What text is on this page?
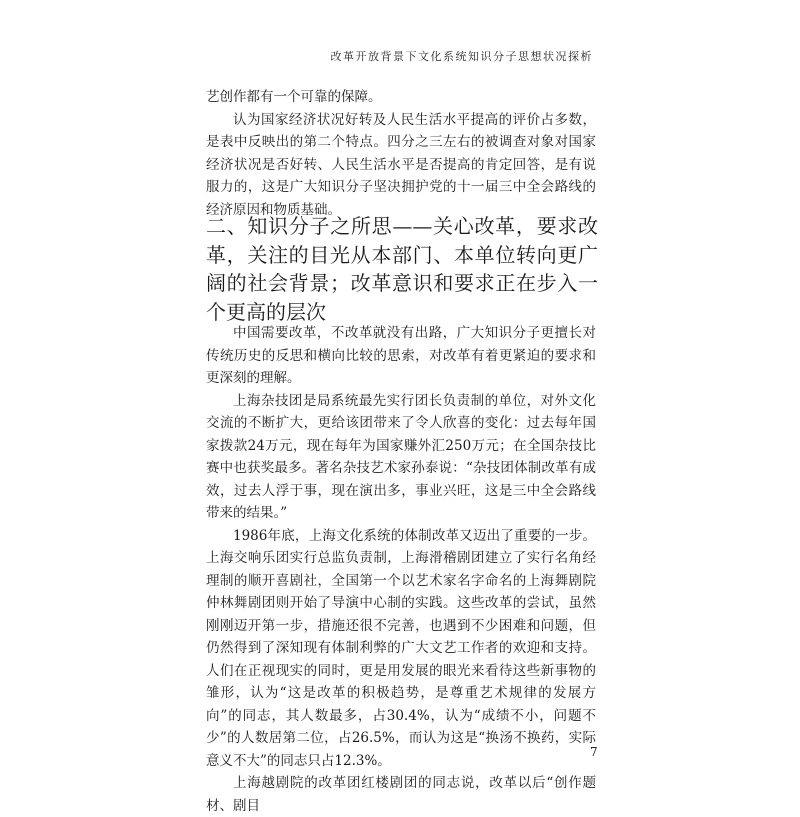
改革开放背景下文化系统知识分子思想状况探析

艺创作都有一个可靠的保障。

认为国家经济状况好转及人民生活水平提高的评价占多数，是表中反映出的第二个特点。四分之三左右的被调查对象对国家经济状况是否好转、人民生活水平是否提高的肯定回答，是有说服力的，这是广大知识分子坚决拥护党的十一届三中全会路线的经济原因和物质基础。

二、知识分子之所思——关心改革，要求改革，关注的目光从本部门、本单位转向更广阔的社会背景；改革意识和要求正在步入一个更高的层次

中国需要改革，不改革就没有出路，广大知识分子更擅长对传统历史的反思和横向比较的思索，对改革有着更紧迫的要求和更深刻的理解。

上海杂技团是局系统最先实行团长负责制的单位，对外文化交流的不断扩大，更给该团带来了令人欣喜的变化：过去每年国家拨款24万元，现在每年为国家赚外汇250万元；在全国杂技比赛中也获奖最多。著名杂技艺术家孙泰说：“杂技团体制改革有成效，过去人浮于事，现在演出多，事业兴旺，这是三中全会路线带来的结果。”

1986年底，上海文化系统的体制改革又迈出了重要的一步。上海交响乐团实行总监负责制，上海滑稽剧团建立了实行名角经理制的顺开喜剧社，全国第一个以艺术家名字命名的上海舞剧院仲林舞剧团则开始了导演中心制的实践。这些改革的尝试，虽然刚刚迈开第一步，措施还很不完善，也遇到不少困难和问题，但仍然得到了深知现有体制利弊的广大文艺工作者的欢迎和支持。人们在正视现实的同时，更是用发展的眼光来看待这些新事物的雏形，认为“这是改革的积极趋势，是尊重艺术规律的发展方向”的同志，其人数最多，占30.4%，认为“成绩不小，问题不少”的人数居第二位，占26.5%，而认为这是“换汤不换药，实际意义不大”的同志只占12.3%。

上海越剧院的改革团红楼剧团的同志说，改革以后“创作题材、剧目

7
